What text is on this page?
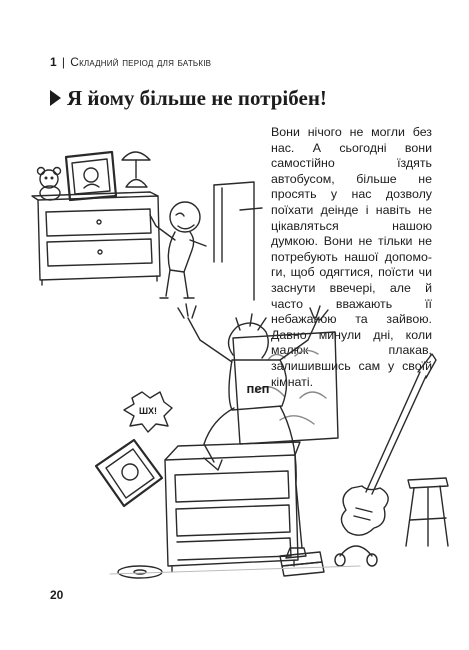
1 | Складний період для батьків
Я йому більше не потрібен!

Вони нічого не могли без нас. А сьогодні вони самостійно їздять автобусом, більше не просять у нас дозволу поїхати деінде і навіть не цікавляться нашою думкою. Вони не тільки не потребують нашої допомоги, щоб одягтися, поїсти чи заснути ввечері, але й часто вважають її небажаною та зайвою. Давно минули дні, коли малюк плакав, залишившись сам у своїй кімнаті.

ШХ!
пеп
20
